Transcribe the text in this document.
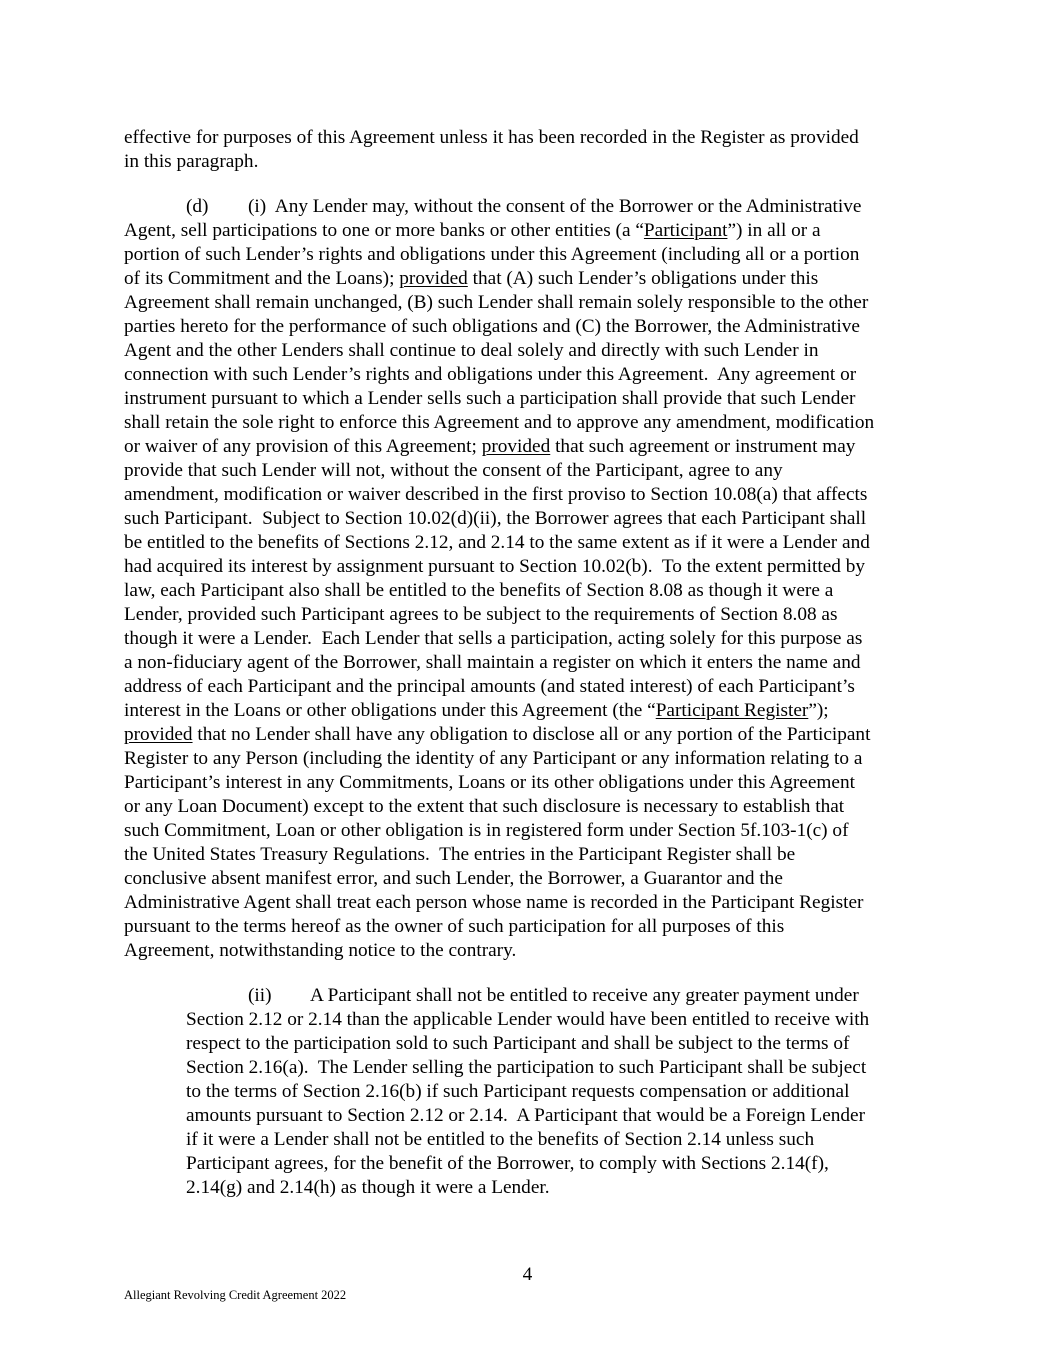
effective for purposes of this Agreement unless it has been recorded in the Register as provided

in this paragraph.

(d) (i) Any Lender may, without the consent of the Borrower or the Administrative

Agent, sell participations to one or more banks or other entities (a “Participant”) in all or a

portion of such Lender’s rights and obligations under this Agreement (including all or a portion

of its Commitment and the Loans); provided that (A) such Lender’s obligations under this

Agreement shall remain unchanged, (B) such Lender shall remain solely responsible to the other

parties hereto for the performance of such obligations and (C) the Borrower, the Administrative

Agent and the other Lenders shall continue to deal solely and directly with such Lender in

connection with such Lender’s rights and obligations under this Agreement.  Any agreement or

instrument pursuant to which a Lender sells such a participation shall provide that such Lender

shall retain the sole right to enforce this Agreement and to approve any amendment, modification

or waiver of any provision of this Agreement; provided that such agreement or instrument may

provide that such Lender will not, without the consent of the Participant, agree to any

amendment, modification or waiver described in the first proviso to Section 10.08(a) that affects

such Participant.  Subject to Section 10.02(d)(ii), the Borrower agrees that each Participant shall

be entitled to the benefits of Sections 2.12, and 2.14 to the same extent as if it were a Lender and

had acquired its interest by assignment pursuant to Section 10.02(b).  To the extent permitted by

law, each Participant also shall be entitled to the benefits of Section 8.08 as though it were a

Lender, provided such Participant agrees to be subject to the requirements of Section 8.08 as

though it were a Lender.  Each Lender that sells a participation, acting solely for this purpose as

a non-fiduciary agent of the Borrower, shall maintain a register on which it enters the name and

address of each Participant and the principal amounts (and stated interest) of each Participant’s

interest in the Loans or other obligations under this Agreement (the “Participant Register”);

provided that no Lender shall have any obligation to disclose all or any portion of the Participant

Register to any Person (including the identity of any Participant or any information relating to a

Participant’s interest in any Commitments, Loans or its other obligations under this Agreement

or any Loan Document) except to the extent that such disclosure is necessary to establish that

such Commitment, Loan or other obligation is in registered form under Section 5f.103-1(c) of

the United States Treasury Regulations.  The entries in the Participant Register shall be

conclusive absent manifest error, and such Lender, the Borrower, a Guarantor and the

Administrative Agent shall treat each person whose name is recorded in the Participant Register

pursuant to the terms hereof as the owner of such participation for all purposes of this

Agreement, notwithstanding notice to the contrary.

(ii) A Participant shall not be entitled to receive any greater payment under

Section 2.12 or 2.14 than the applicable Lender would have been entitled to receive with

respect to the participation sold to such Participant and shall be subject to the terms of

Section 2.16(a).  The Lender selling the participation to such Participant shall be subject

to the terms of Section 2.16(b) if such Participant requests compensation or additional

amounts pursuant to Section 2.12 or 2.14.  A Participant that would be a Foreign Lender

if it were a Lender shall not be entitled to the benefits of Section 2.14 unless such

Participant agrees, for the benefit of the Borrower, to comply with Sections 2.14(f),

2.14(g) and 2.14(h) as though it were a Lender.

4
Allegiant Revolving Credit Agreement 2022
